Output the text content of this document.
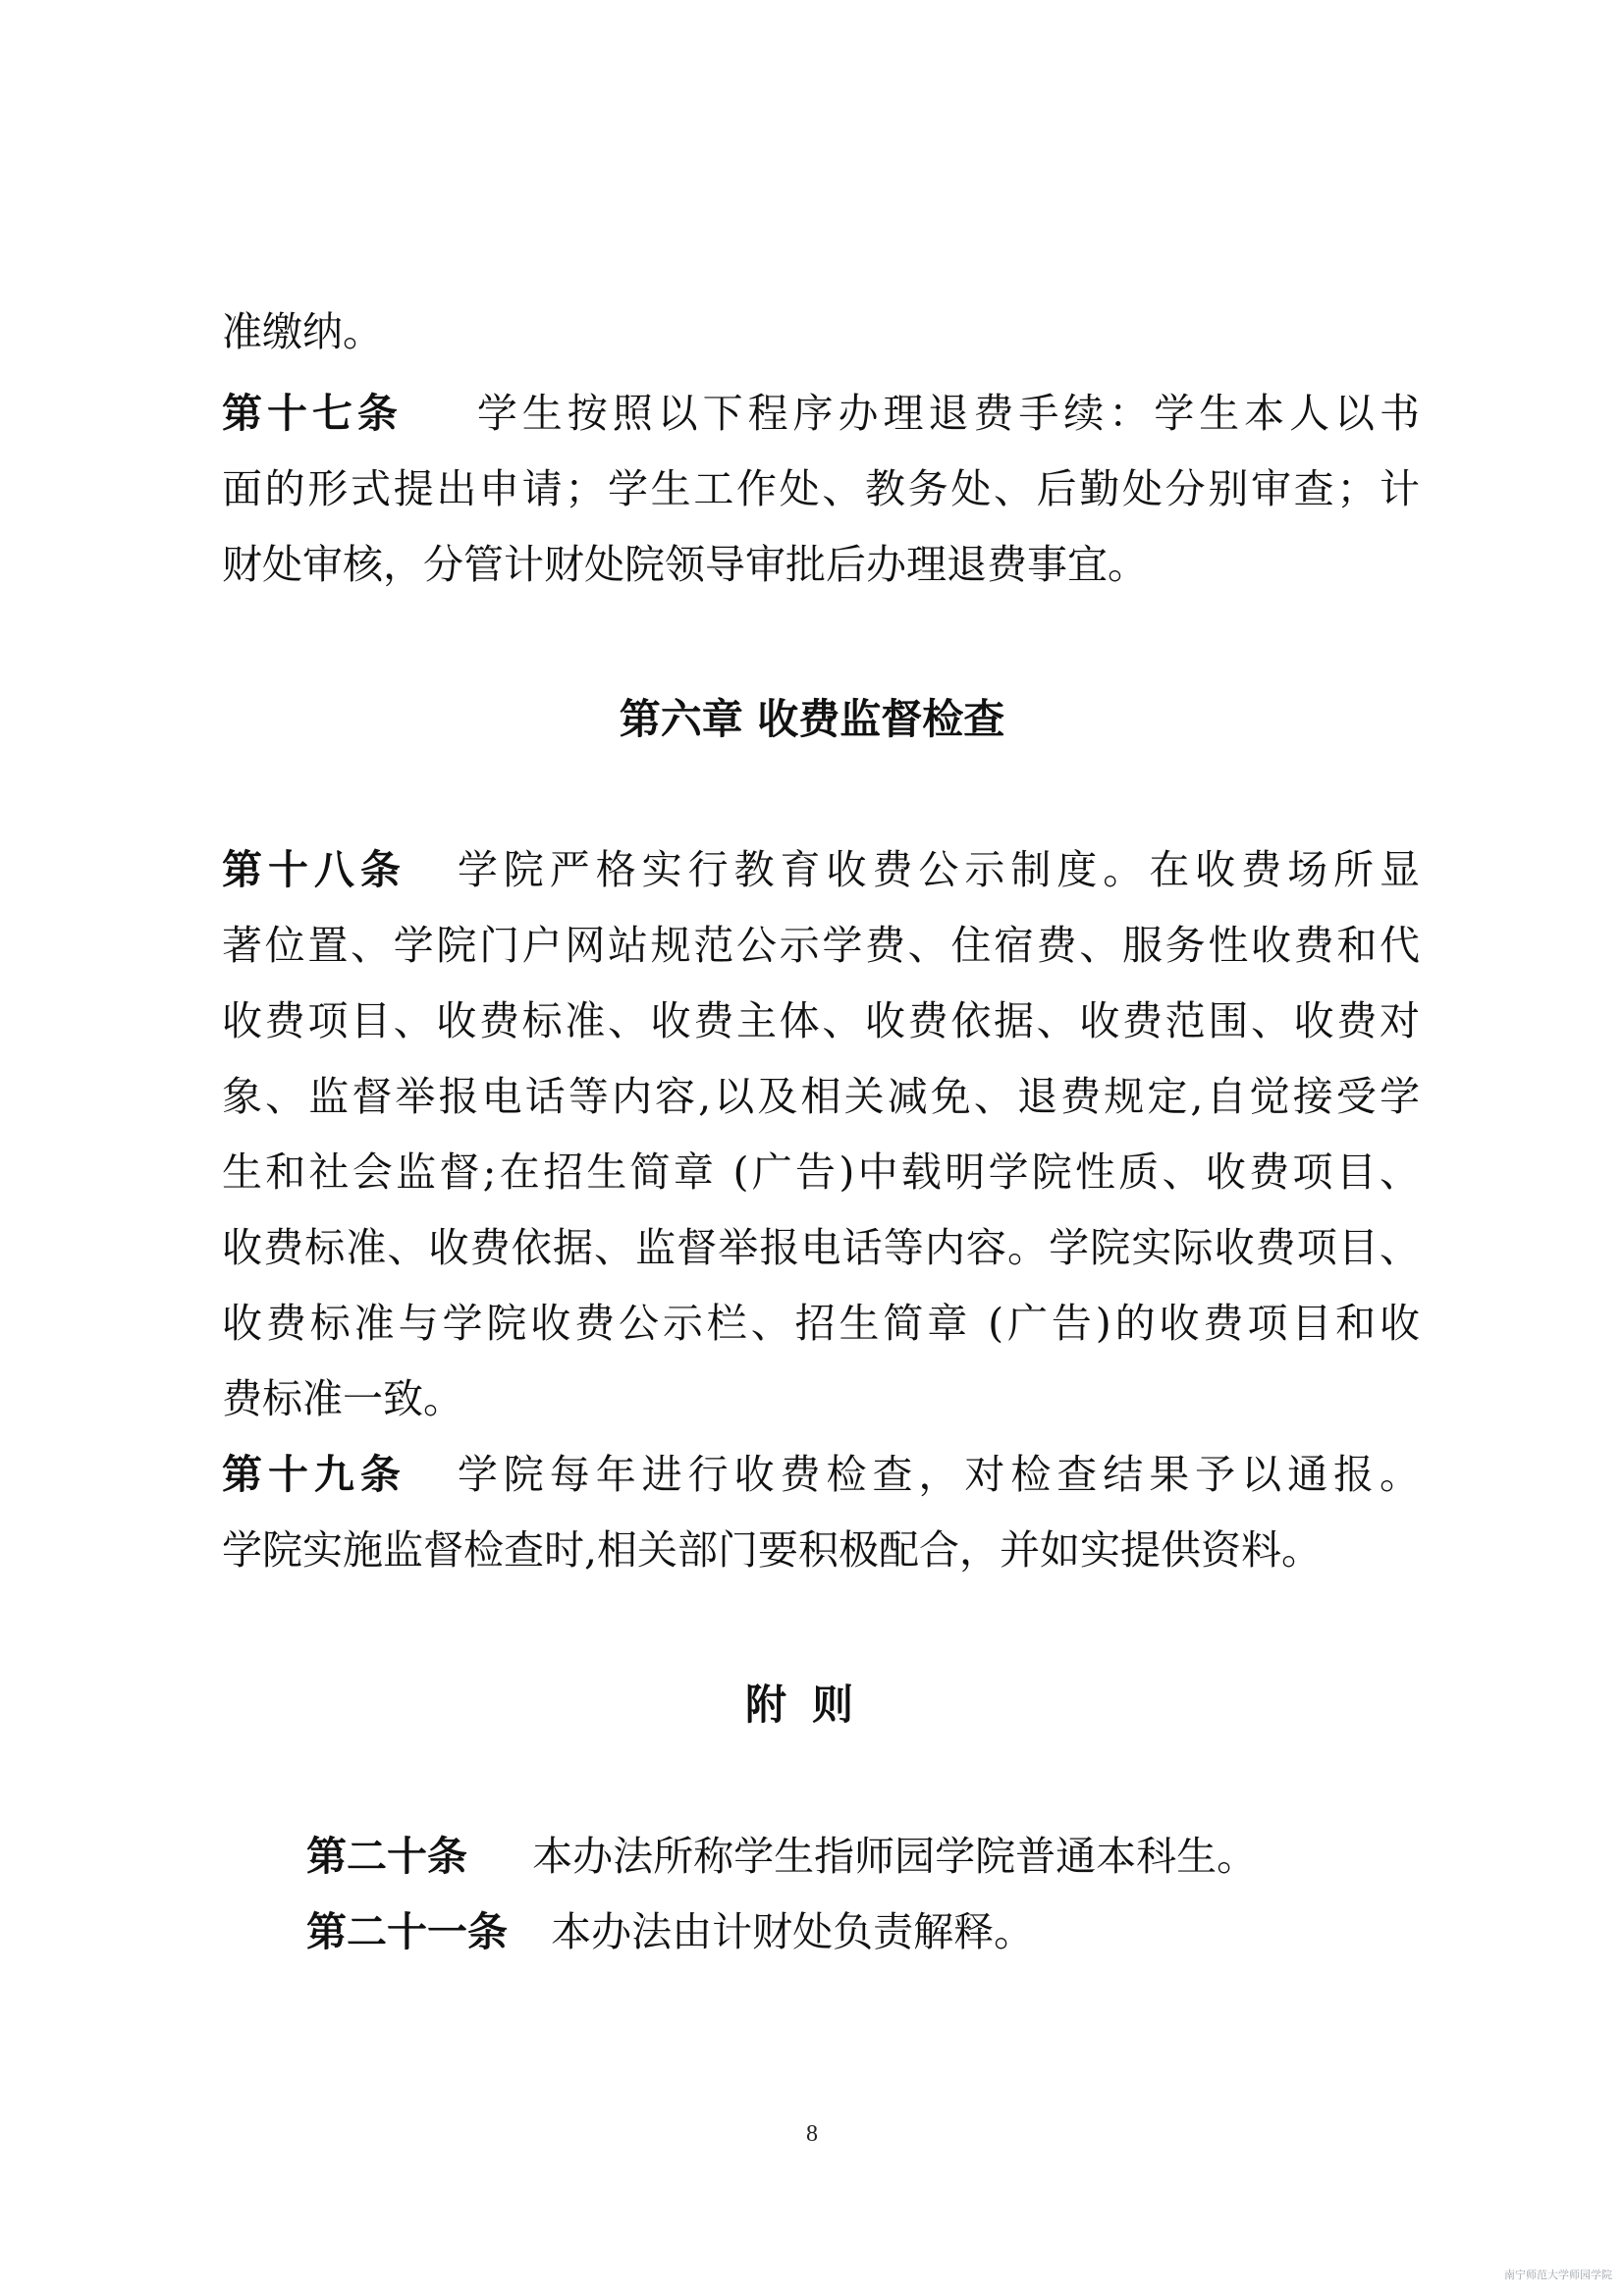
准缴纳。
第十七条 学生按照以下程序办理退费手续：学生本人以书
面的形式提出申请；学生工作处、教务处、后勤处分别审查；计
财处审核，分管计财处院领导审批后办理退费事宜。
第六章 收费监督检查
第十八条 学院严格实行教育收费公示制度。在收费场所显
著位置、学院门户网站规范公示学费、住宿费、服务性收费和代
收费项目、收费标准、收费主体、收费依据、收费范围、收费对
象、监督举报电话等内容,以及相关减免、退费规定,自觉接受学
生和社会监督;在招生简章 (广告)中载明学院性质、收费项目、
收费标准、收费依据、监督举报电话等内容。学院实际收费项目、
收费标准与学院收费公示栏、招生简章 (广告)的收费项目和收
费标准一致。
第十九条 学院每年进行收费检查，对检查结果予以通报。
学院实施监督检查时,相关部门要积极配合，并如实提供资料。
附则
第二十条 本办法所称学生指师园学院普通本科生。
第二十一条 本办法由计财处负责解释。
8
南宁师范大学师园学院
